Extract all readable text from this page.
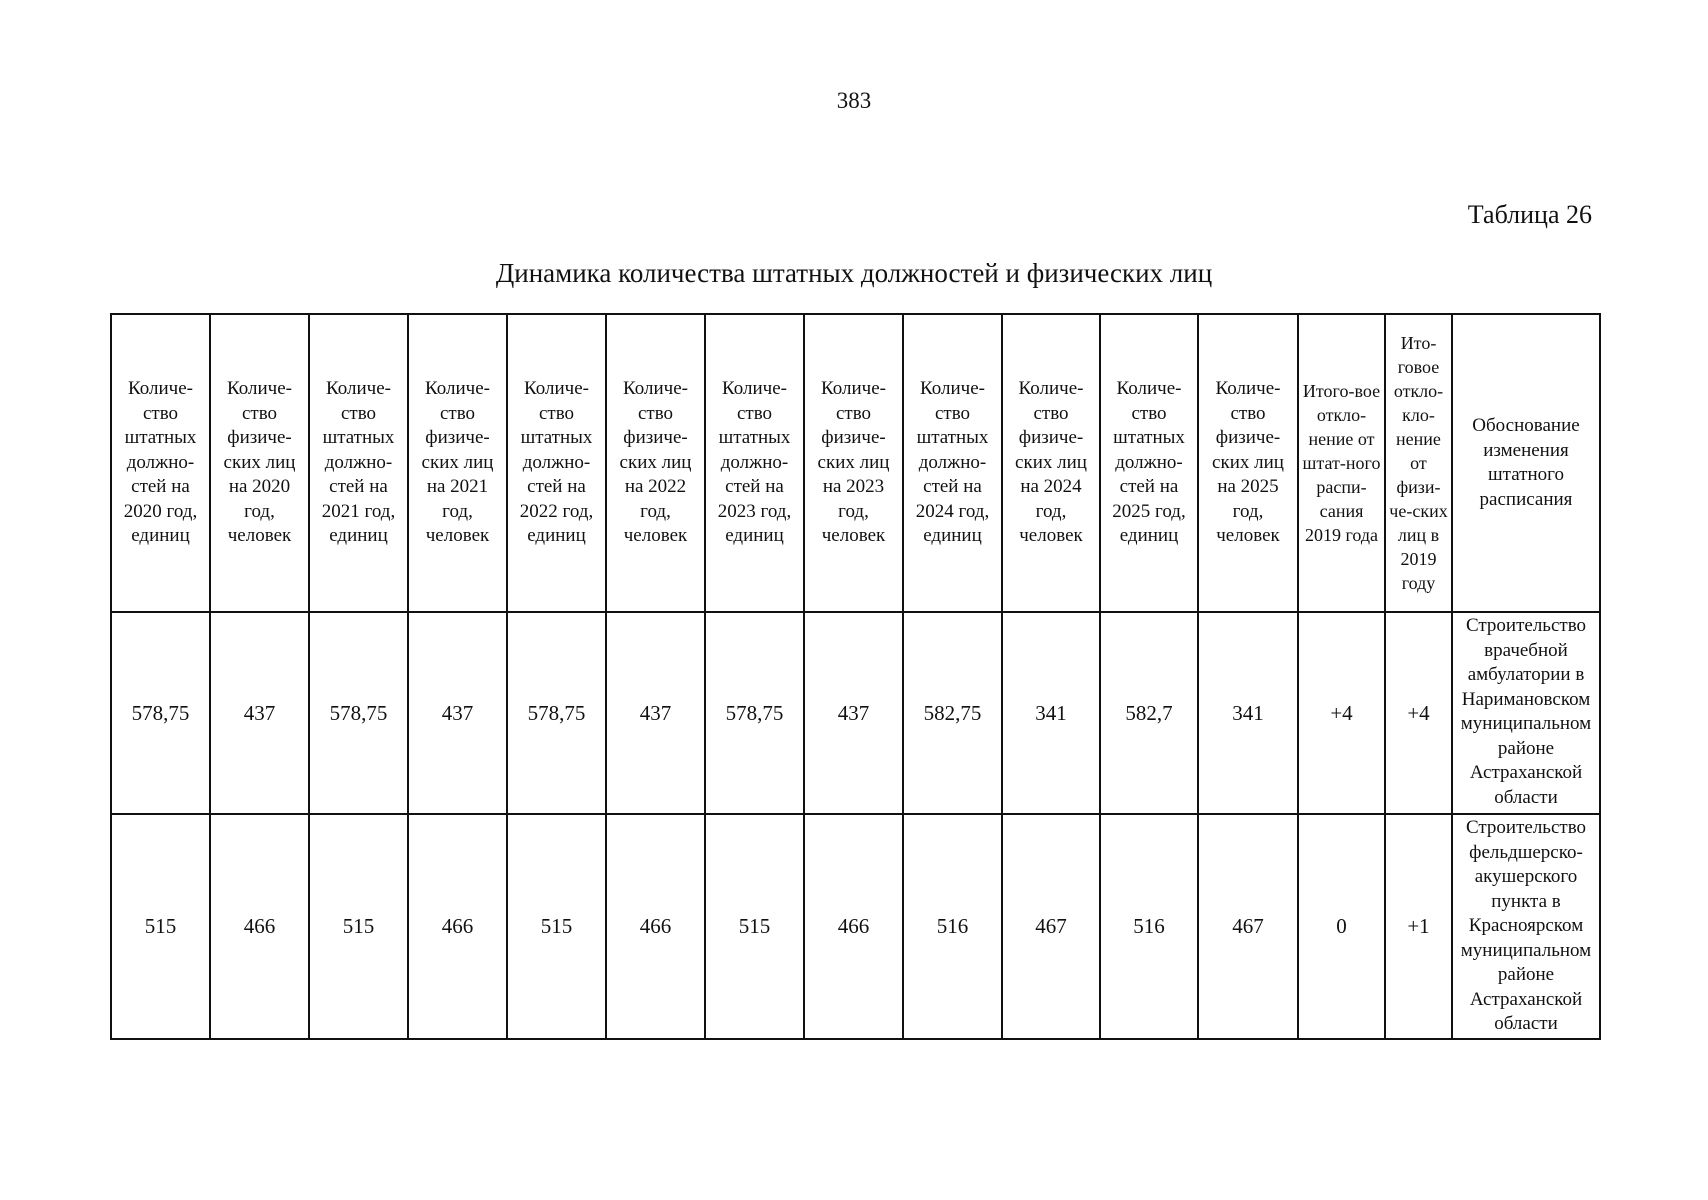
383
Таблица 26
Динамика количества штатных должностей и физических лиц
Количе-ство штатных должно-стей на 2020 год, единиц	Количе-ство физиче-ских лиц на 2020 год, человек	Количе-ство штатных должно-стей на 2021 год, единиц	Количе-ство физиче-ских лиц на 2021 год, человек	Количе-ство штатных должно-стей на 2022 год, единиц	Количе-ство физиче-ских лиц на 2022 год, человек	Количе-ство штатных должно-стей на 2023 год, единиц	Количе-ство физиче-ских лиц на 2023 год, человек	Количе-ство штатных должно-стей на 2024 год, единиц	Количе-ство физиче-ских лиц на 2024 год, человек	Количе-ство штатных должно-стей на 2025 год, единиц	Количе-ство физиче-ских лиц на 2025 год, человек	Итого-вое откло-нение от штат-ного распи-сания 2019 года	Ито-говое откло-кло-нение от физи-че-ских лиц в 2019 году	Обоснование изменения штатного расписания
578,75	437	578,75	437	578,75	437	578,75	437	582,75	341	582,7	341	+4	+4	Строительство врачебной амбулатории в Наримановском муниципальном районе Астраханской области
515	466	515	466	515	466	515	466	516	467	516	467	0	+1	Строительство фельдшерско-акушерского пункта в Красноярском муниципальном районе Астраханской области
